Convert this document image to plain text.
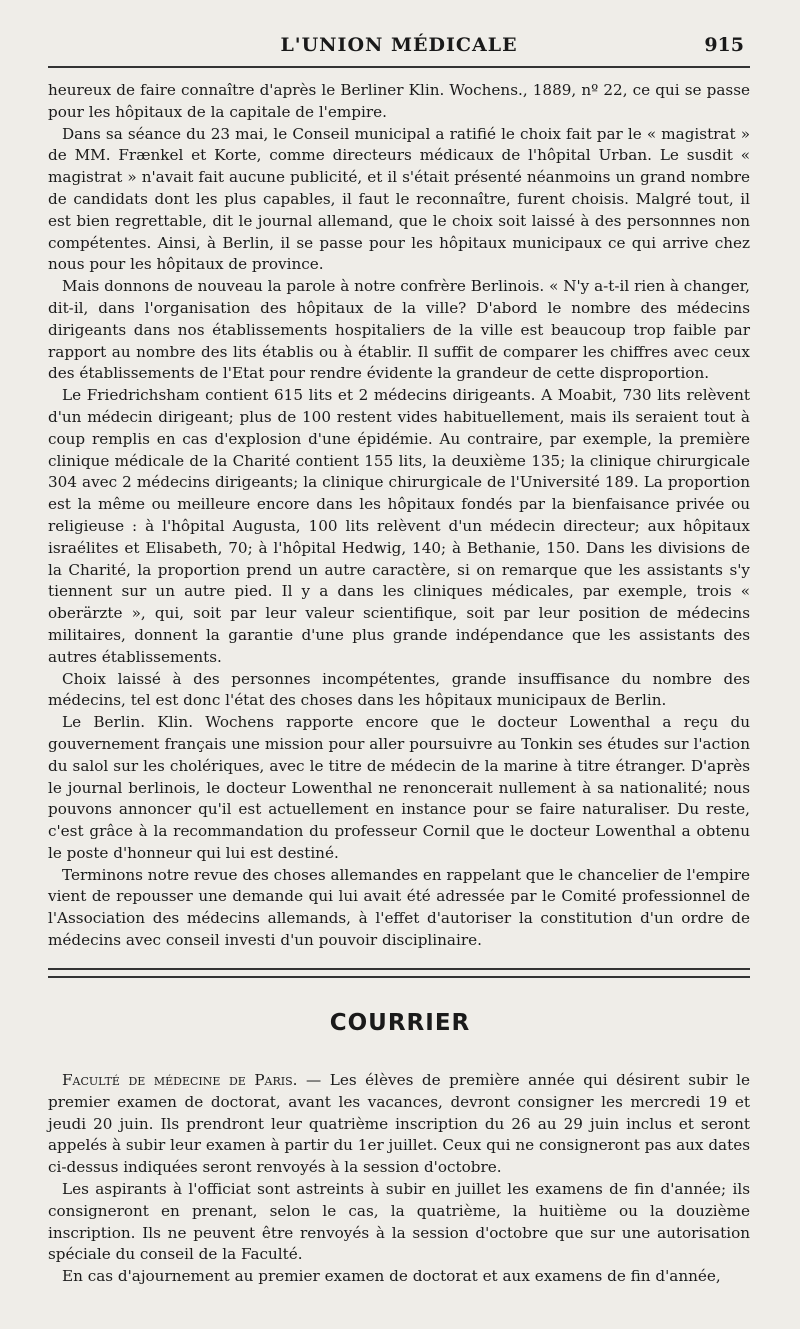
L'UNION MÉDICALE	915

heureux de faire connaître d'après le Berliner Klin. Wochens., 1889, nº 22, ce qui se passe pour les hôpitaux de la capitale de l'empire.

Dans sa séance du 23 mai, le Conseil municipal a ratifié le choix fait par le « magistrat » de MM. Frænkel et Korte, comme directeurs médicaux de l'hôpital Urban. Le susdit « magistrat » n'avait fait aucune publicité, et il s'était présenté néanmoins un grand nombre de candidats dont les plus capables, il faut le reconnaître, furent choisis. Malgré tout, il est bien regrettable, dit le journal allemand, que le choix soit laissé à des personnnes non compétentes. Ainsi, à Berlin, il se passe pour les hôpitaux municipaux ce qui arrive chez nous pour les hôpitaux de province.

Mais donnons de nouveau la parole à notre confrère Berlinois. « N'y a-t-il rien à changer, dit-il, dans l'organisation des hôpitaux de la ville? D'abord le nombre des médecins dirigeants dans nos établissements hospitaliers de la ville est beaucoup trop faible par rapport au nombre des lits établis ou à établir. Il suffit de comparer les chiffres avec ceux des établissements de l'Etat pour rendre évidente la grandeur de cette disproportion.

Le Friedrichsham contient 615 lits et 2 médecins dirigeants. A Moabit, 730 lits relèvent d'un médecin dirigeant; plus de 100 restent vides habituellement, mais ils seraient tout à coup remplis en cas d'explosion d'une épidémie. Au contraire, par exemple, la première clinique médicale de la Charité contient 155 lits, la deuxième 135; la clinique chirurgicale 304 avec 2 médecins dirigeants; la clinique chirurgicale de l'Université 189. La proportion est la même ou meilleure encore dans les hôpitaux fondés par la bienfaisance privée ou religieuse : à l'hôpital Augusta, 100 lits relèvent d'un médecin directeur; aux hôpitaux israélites et Elisabeth, 70; à l'hôpital Hedwig, 140; à Bethanie, 150. Dans les divisions de la Charité, la proportion prend un autre caractère, si on remarque que les assistants s'y tiennent sur un autre pied. Il y a dans les cliniques médicales, par exemple, trois « oberärzte », qui, soit par leur valeur scientifique, soit par leur position de médecins militaires, donnent la garantie d'une plus grande indépendance que les assistants des autres établissements.

Choix laissé à des personnes incompétentes, grande insuffisance du nombre des médecins, tel est donc l'état des choses dans les hôpitaux municipaux de Berlin.

Le Berlin. Klin. Wochens rapporte encore que le docteur Lowenthal a reçu du gouvernement français une mission pour aller poursuivre au Tonkin ses études sur l'action du salol sur les cholériques, avec le titre de médecin de la marine à titre étranger. D'après le journal berlinois, le docteur Lowenthal ne renoncerait nullement à sa nationalité; nous pouvons annoncer qu'il est actuellement en instance pour se faire naturaliser. Du reste, c'est grâce à la recommandation du professeur Cornil que le docteur Lowenthal a obtenu le poste d'honneur qui lui est destiné.

Terminons notre revue des choses allemandes en rappelant que le chancelier de l'empire vient de repousser une demande qui lui avait été adressée par le Comité professionnel de l'Association des médecins allemands, à l'effet d'autoriser la constitution d'un ordre de médecins avec conseil investi d'un pouvoir disciplinaire.

COURRIER

Faculté de médecine de Paris. — Les élèves de première année qui désirent subir le premier examen de doctorat, avant les vacances, devront consigner les mercredi 19 et jeudi 20 juin. Ils prendront leur quatrième inscription du 26 au 29 juin inclus et seront appelés à subir leur examen à partir du 1er juillet. Ceux qui ne consigneront pas aux dates ci-dessus indiquées seront renvoyés à la session d'octobre.

Les aspirants à l'officiat sont astreints à subir en juillet les examens de fin d'année; ils consigneront en prenant, selon le cas, la quatrième, la huitième ou la douzième inscription. Ils ne peuvent être renvoyés à la session d'octobre que sur une autorisation spéciale du conseil de la Faculté.

En cas d'ajournement au premier examen de doctorat et aux examens de fin d'année,
